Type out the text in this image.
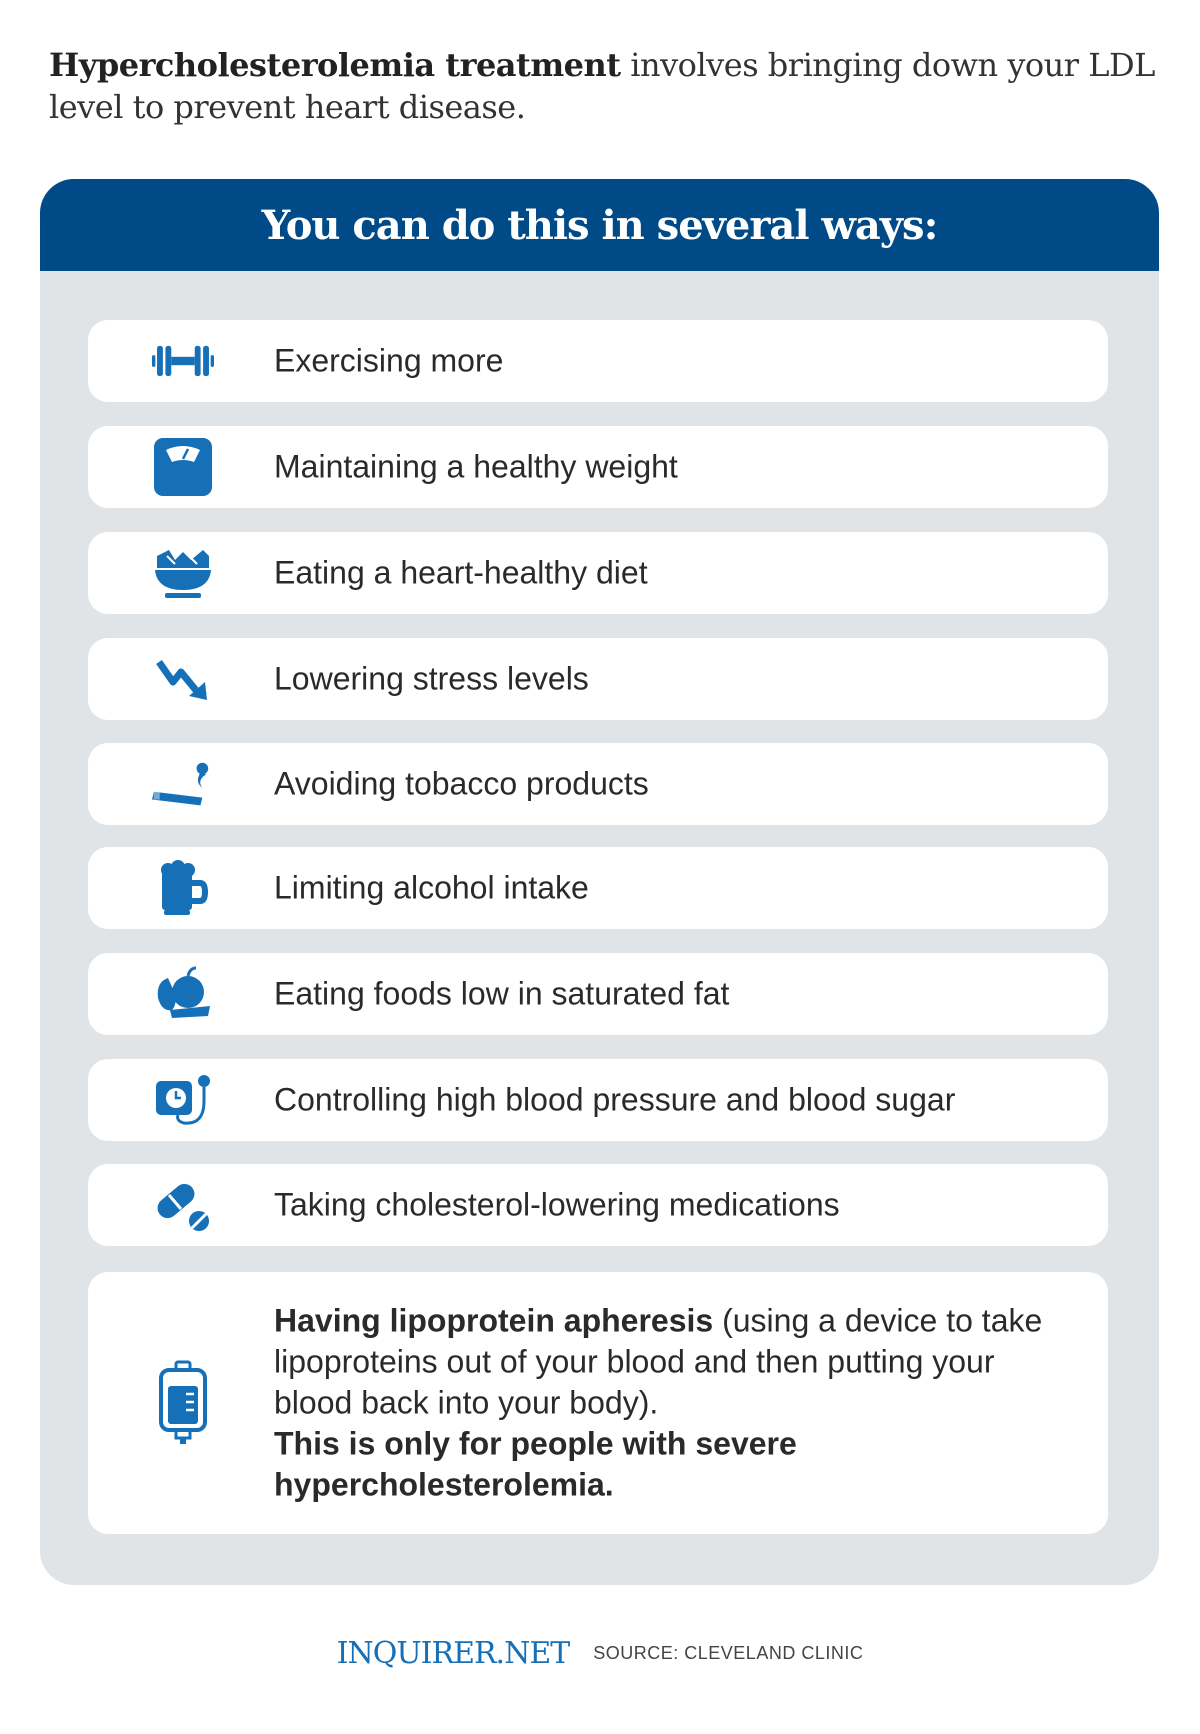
Hypercholesterolemia treatment involves bringing down your LDL level to prevent heart disease.
You can do this in several ways:
Exercising more
Maintaining a healthy weight
Eating a heart-healthy diet
Lowering stress levels
Avoiding tobacco products
Limiting alcohol intake
Eating foods low in saturated fat
Controlling high blood pressure and blood sugar
Taking cholesterol-lowering medications
Having lipoprotein apheresis (using a device to take lipoproteins out of your blood and then putting your blood back into your body).
This is only for people with severe hypercholesterolemia.
INQUIRER.NET SOURCE: CLEVELAND CLINIC
